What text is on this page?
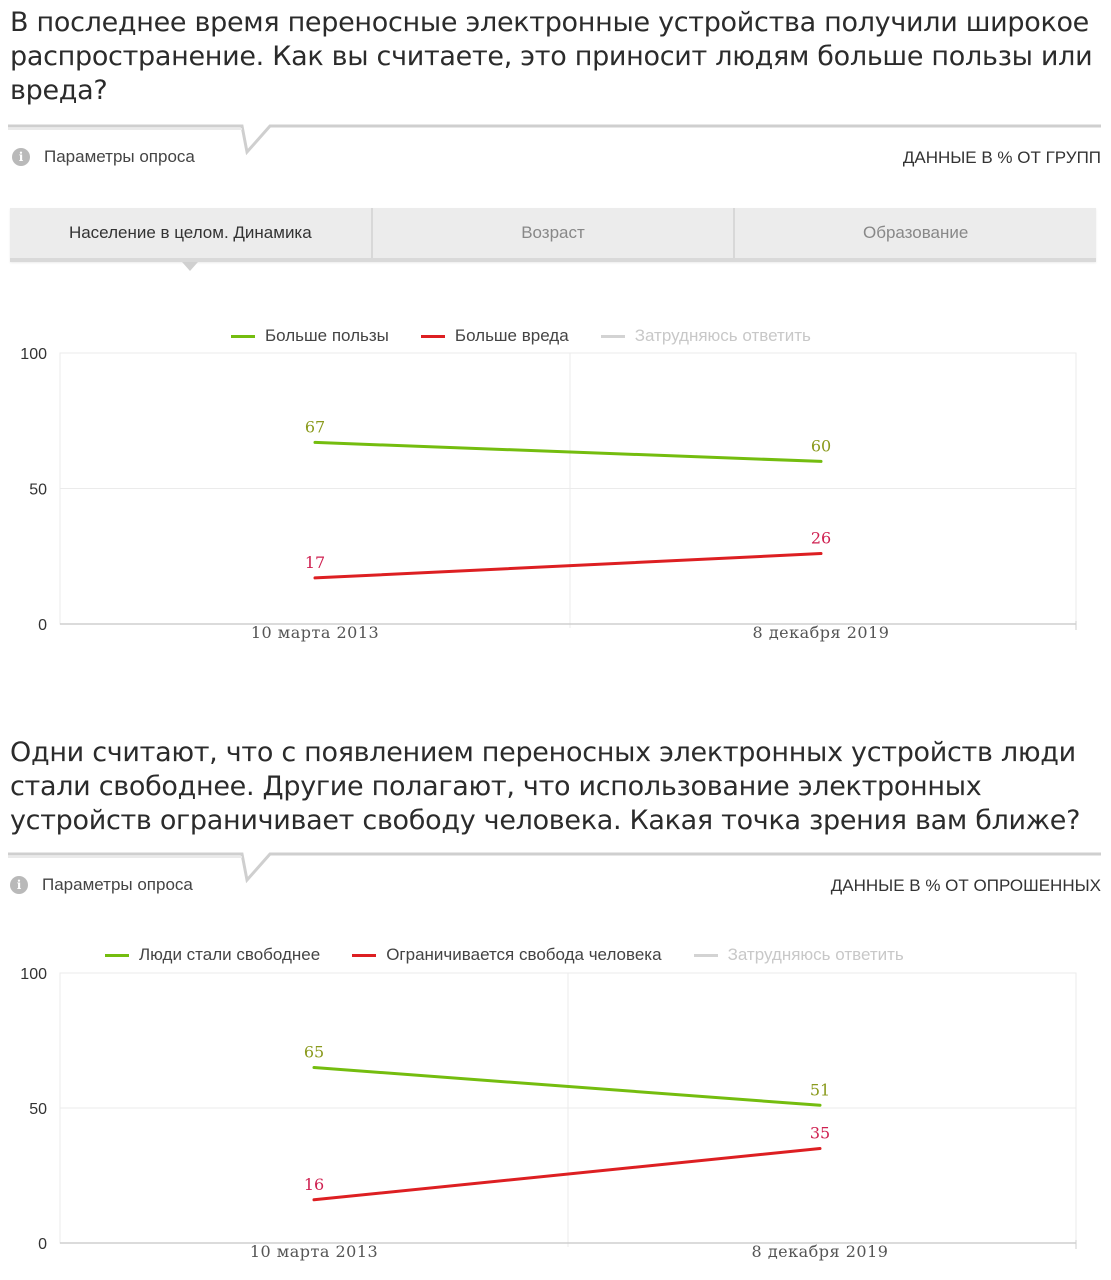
В последнее время переносные электронные устройства получили широкое распространение. Как вы считаете, это приносит людям больше пользы или вреда?
i	Параметры опроса	ДАННЫЕ В % ОТ ГРУПП
Население в целом. Динамика	Возраст	Образование
Больше пользы	Больше вреда	Затрудняюсь ответить
0
50
100
10 марта 2013	8 декабря 2019
67
60
17
26
Одни считают, что с появлением переносных электронных устройств люди стали свободнее. Другие полагают, что использование электронных устройств ограничивает свободу человека. Какая точка зрения вам ближе?
i	Параметры опроса	ДАННЫЕ В % ОТ ОПРОШЕННЫХ
Люди стали свободнее	Ограничивается свобода человека	Затрудняюсь ответить
0
50
100
10 марта 2013	8 декабря 2019
65
51
16
35
